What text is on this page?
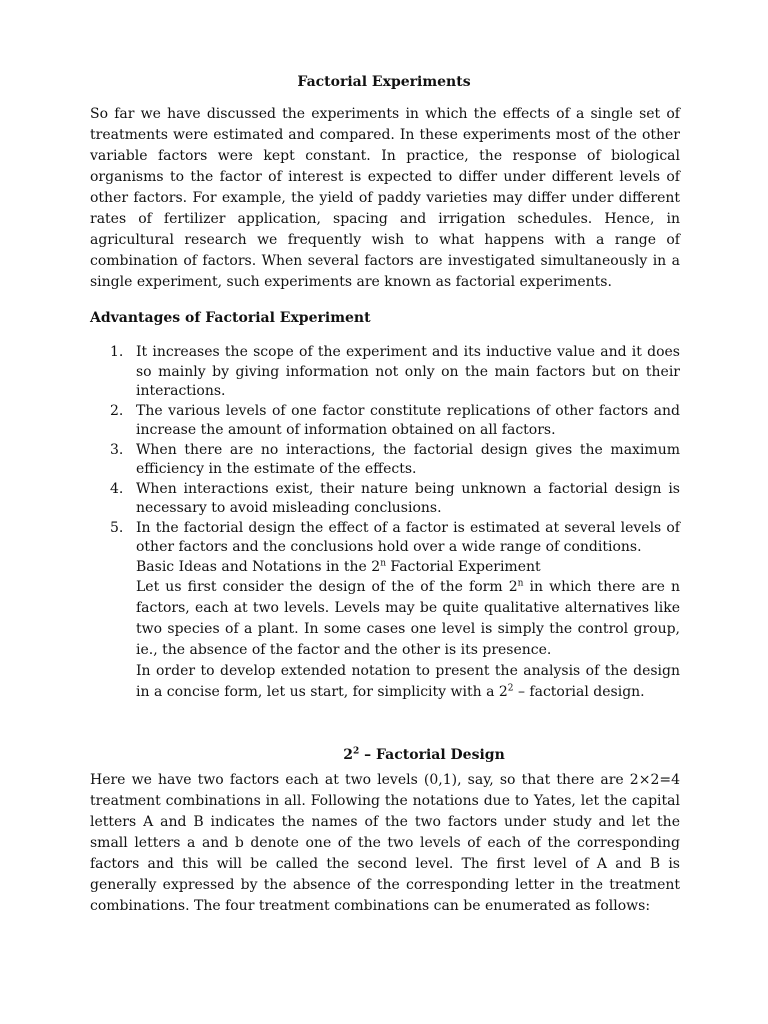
Factorial Experiments
So far we have discussed the experiments in which the effects of a single set of treatments were estimated and compared. In these experiments most of the other variable factors were kept constant. In practice, the response of biological organisms to the factor of interest is expected to differ under different levels of other factors. For example, the yield of paddy varieties may differ under different rates of fertilizer application, spacing and irrigation schedules. Hence, in agricultural research we frequently wish to what happens with a range of combination of factors. When several factors are investigated simultaneously in a single experiment, such experiments are known as factorial experiments.
Advantages of Factorial Experiment
1. It increases the scope of the experiment and its inductive value and it does so mainly by giving information not only on the main factors but on their interactions.
2. The various levels of one factor constitute replications of other factors and increase the amount of information obtained on all factors.
3. When there are no interactions, the factorial design gives the maximum efficiency in the estimate of the effects.
4. When interactions exist, their nature being unknown a factorial design is necessary to avoid misleading conclusions.
5. In the factorial design the effect of a factor is estimated at several levels of other factors and the conclusions hold over a wide range of conditions.
Basic Ideas and Notations in the 2$^n$ Factorial Experiment
Let us first consider the design of the of the form 2$^n$ in which there are n factors, each at two levels. Levels may be quite qualitative alternatives like two species of a plant. In some cases one level is simply the control group, ie., the absence of the factor and the other is its presence.
In order to develop extended notation to present the analysis of the design in a concise form, let us start, for simplicity with a $2^2$ – factorial design.
$2^2$ – Factorial Design
Here we have two factors each at two levels (0,1), say, so that there are 2×2=4 treatment combinations in all. Following the notations due to Yates, let the capital letters A and B indicates the names of the two factors under study and let the small letters a and b denote one of the two levels of each of the corresponding factors and this will be called the second level. The first level of A and B is generally expressed by the absence of the corresponding letter in the treatment combinations. The four treatment combinations can be enumerated as follows:
